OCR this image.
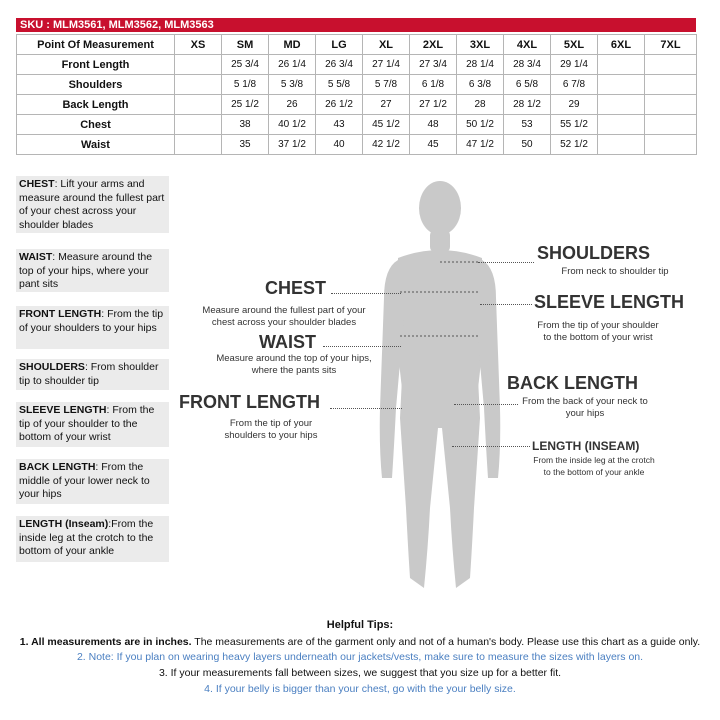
SKU : MLM3561, MLM3562, MLM3563
Point Of Measurement	XS	SM	MD	LG	XL	2XL	3XL	4XL	5XL	6XL	7XL
Front Length		25 3/4	26 1/4	26 3/4	27 1/4	27 3/4	28 1/4	28 3/4	29 1/4		
Shoulders		5 1/8	5 3/8	5 5/8	5 7/8	6 1/8	6 3/8	6 5/8	6 7/8		
Back Length		25 1/2	26	26 1/2	27	27 1/2	28	28 1/2	29		
Chest		38	40 1/2	43	45 1/2	48	50 1/2	53	55 1/2		
Waist		35	37 1/2	40	42 1/2	45	47 1/2	50	52 1/2		
CHEST: Lift your arms and measure around the fullest part of your chest across your shoulder blades
WAIST: Measure around the top of your hips, where your pant sits
FRONT LENGTH: From the tip of your shoulders to your hips
SHOULDERS: From shoulder tip to shoulder tip
SLEEVE LENGTH: From the tip of your shoulder to the bottom of your wrist
BACK LENGTH: From the middle of your lower neck to your hips
LENGTH (Inseam):From the inside leg at the crotch to the bottom of your ankle
CHEST
Measure around the fullest part of your chest across your shoulder blades
WAIST
Measure around the top of your hips, where the pants sits
FRONT LENGTH
From the tip of your shoulders to your hips
SHOULDERS
From neck to shoulder tip
SLEEVE LENGTH
From the tip of your shoulder to the bottom of your wrist
BACK LENGTH
From the back of your neck to your hips
LENGTH (INSEAM)
From the inside leg at the crotch to the bottom of your ankle
Helpful Tips:
1. All measurements are in inches. The measurements are of the garment only and not of a human's body. Please use this chart as a guide only.
2. Note: If you plan on wearing heavy layers underneath our jackets/vests, make sure to measure the sizes with layers on.
3. If your measurements fall between sizes, we suggest that you size up for a better fit.
4. If your belly is bigger than your chest, go with the your belly size.
